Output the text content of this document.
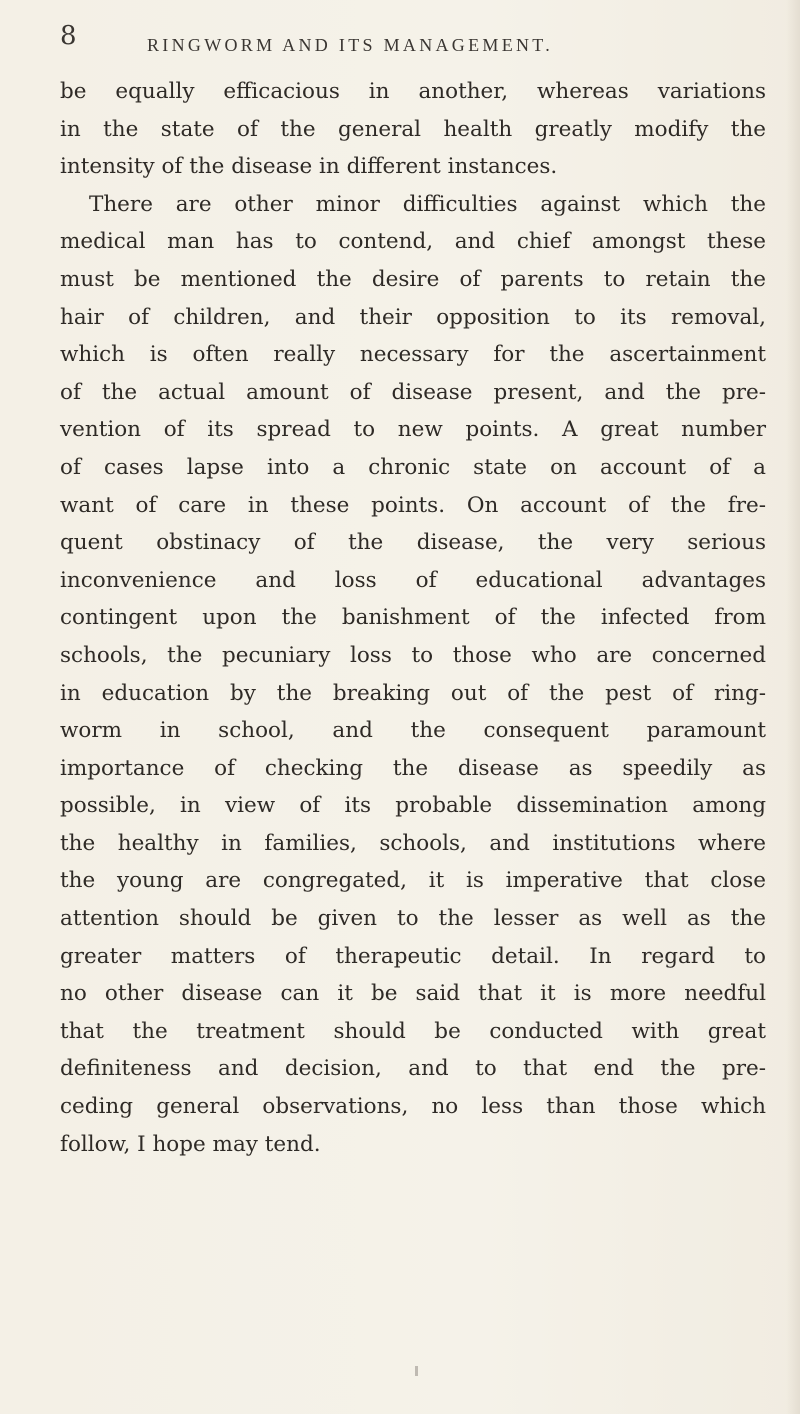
8	RINGWORM AND ITS MANAGEMENT.
be equally efficacious in another, whereas variations
in the state of the general health greatly modify the
intensity of the disease in different instances.
There are other minor difficulties against which the
medical man has to contend, and chief amongst these
must be mentioned the desire of parents to retain the
hair of children, and their opposition to its removal,
which is often really necessary for the ascertainment
of the actual amount of disease present, and the pre-
vention of its spread to new points. A great number
of cases lapse into a chronic state on account of a
want of care in these points. On account of the fre-
quent obstinacy of the disease, the very serious
inconvenience and loss of educational advantages
contingent upon the banishment of the infected from
schools, the pecuniary loss to those who are concerned
in education by the breaking out of the pest of ring-
worm in school, and the consequent paramount
importance of checking the disease as speedily as
possible, in view of its probable dissemination among
the healthy in families, schools, and institutions where
the young are congregated, it is imperative that close
attention should be given to the lesser as well as the
greater matters of therapeutic detail. In regard to
no other disease can it be said that it is more needful
that the treatment should be conducted with great
definiteness and decision, and to that end the pre-
ceding general observations, no less than those which
follow, I hope may tend.
